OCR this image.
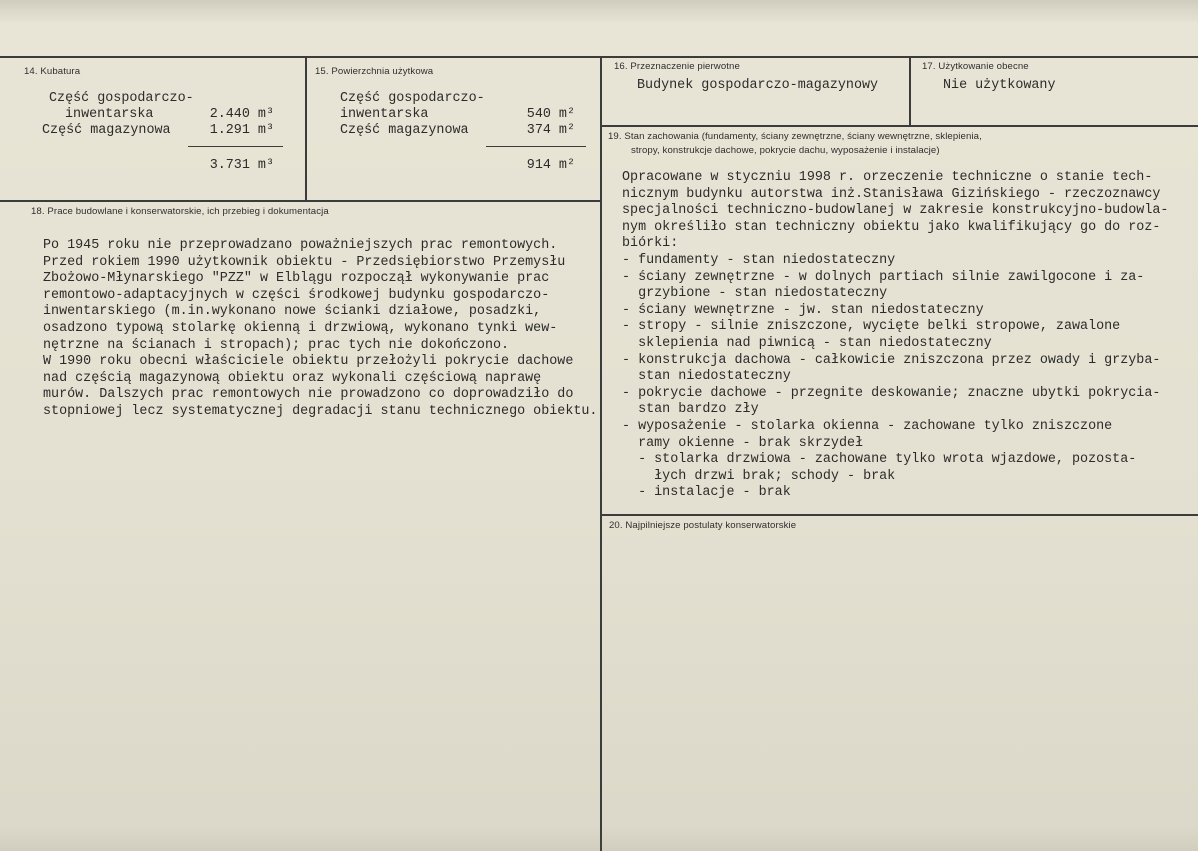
14. Kubatura

Część gospodarczo-

inwentarska	2.440 m³

Część magazynowa	1.291 m³

3.731 m³

15. Powierzchnia użytkowa

Część gospodarczo-

inwentarska	540 m²

Część magazynowa	374 m²

914 m²

16. Przeznaczenie pierwotne

Budynek gospodarczo-magazynowy

17. Użytkowanie obecne

Nie użytkowany

18. Prace budowlane i konserwatorskie, ich przebieg i dokumentacja

Po 1945 roku nie przeprowadzano poważniejszych prac remontowych.

Przed rokiem 1990 użytkownik obiektu - Przedsiębiorstwo Przemysłu

Zbożowo-Młynarskiego "PZZ" w Elblągu rozpoczął wykonywanie prac

remontowo-adaptacyjnych w części środkowej budynku gospodarczo-

inwentarskiego (m.in.wykonano nowe ścianki działowe, posadzki,

osadzono typową stolarkę okienną i drzwiową, wykonano tynki wew-

nętrzne na ścianach i stropach); prac tych nie dokończono.

W 1990 roku obecni właściciele obiektu przełożyli pokrycie dachowe

nad częścią magazynową obiektu oraz wykonali częściową naprawę

murów. Dalszych prac remontowych nie prowadzono co doprowadziło do

stopniowej lecz systematycznej degradacji stanu technicznego obiektu.

19. Stan zachowania (fundamenty, ściany zewnętrzne, ściany wewnętrzne, sklepienia,

stropy, konstrukcje dachowe, pokrycie dachu, wyposażenie i instalacje)

Opracowane w styczniu 1998 r. orzeczenie techniczne o stanie tech-

nicznym budynku autorstwa inż.Stanisława Gizińskiego - rzeczoznawcy

specjalności techniczno-budowlanej w zakresie konstrukcyjno-budowla-

nym określiło stan techniczny obiektu jako kwalifikujący go do roz-

biórki:

- fundamenty - stan niedostateczny

- ściany zewnętrzne - w dolnych partiach silnie zawilgocone i za-

grzybione - stan niedostateczny

- ściany wewnętrzne - jw. stan niedostateczny

- stropy - silnie zniszczone, wycięte belki stropowe, zawalone

sklepienia nad piwnicą - stan niedostateczny

- konstrukcja dachowa - całkowicie zniszczona przez owady i grzyba-

stan niedostateczny

- pokrycie dachowe - przegnite deskowanie; znaczne ubytki pokrycia-

stan bardzo zły

- wyposażenie - stolarka okienna - zachowane tylko zniszczone

ramy okienne - brak skrzydeł

- stolarka drzwiowa - zachowane tylko wrota wjazdowe, pozosta-

łych drzwi brak; schody - brak

- instalacje - brak

20. Najpilniejsze postulaty konserwatorskie
